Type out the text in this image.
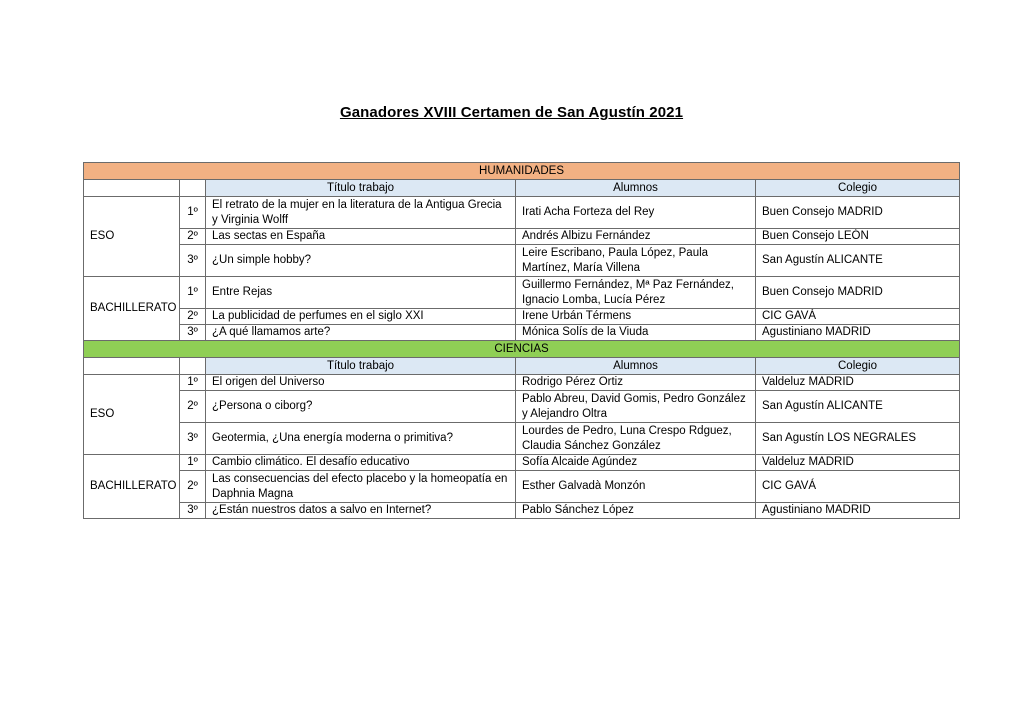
Ganadores XVIII Certamen de San Agustín 2021
HUMANIDADES				
		Título trabajo	Alumnos	Colegio
ESO	1º	El retrato de la mujer en la literatura de la Antigua Grecia y Virginia Wolff	Irati Acha Forteza del Rey	Buen Consejo MADRID
	2º	Las sectas en España	Andrés Albizu Fernández	Buen Consejo LEÓN
	3º	¿Un simple hobby?	Leire Escribano, Paula López, Paula Martínez, María Villena	San Agustín ALICANTE
BACHILLERATO	1º	Entre Rejas	Guillermo Fernández, Mª Paz Fernández, Ignacio Lomba, Lucía Pérez	Buen Consejo MADRID
	2º	La publicidad de perfumes en el siglo XXI	Irene Urbán Térmens	CIC GAVÁ
	3º	¿A qué llamamos arte?	Mónica Solís de la Viuda	Agustiniano MADRID
CIENCIAS				
		Título trabajo	Alumnos	Colegio
ESO	1º	El origen del Universo	Rodrigo Pérez Ortiz	Valdeluz MADRID
	2º	¿Persona o ciborg?	Pablo Abreu, David Gomis, Pedro González y Alejandro Oltra	San Agustín ALICANTE
	3º	Geotermia, ¿Una energía moderna o primitiva?	Lourdes de Pedro, Luna Crespo Rdguez, Claudia Sánchez González	San Agustín LOS NEGRALES
BACHILLERATO	1º	Cambio climático. El desafío educativo	Sofía Alcaide Agúndez	Valdeluz MADRID
	2º	Las consecuencias del efecto placebo y la homeopatía en Daphnia Magna	Esther Galvadà Monzón	CIC GAVÁ
	3º	¿Están nuestros datos a salvo en Internet?	Pablo Sánchez López	Agustiniano MADRID
